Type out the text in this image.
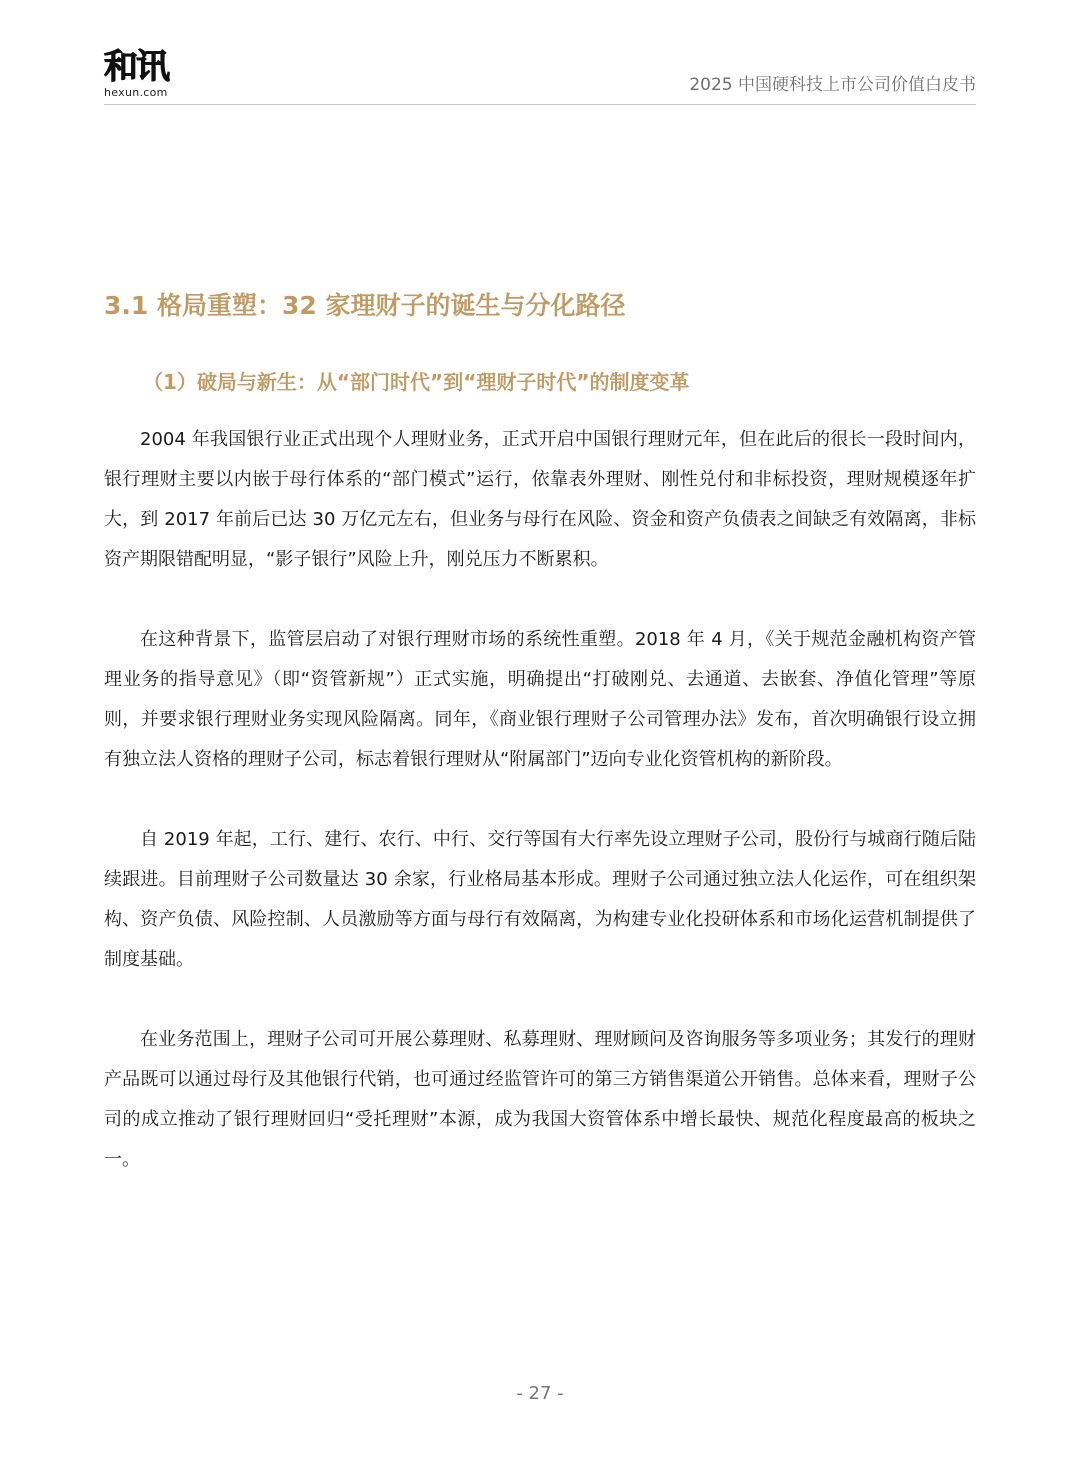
和讯
hexun.com	2025 中国硬科技上市公司价值白皮书
3.1 格局重塑：32 家理财子的诞生与分化路径
（1）破局与新生：从“部门时代”到“理财子时代”的制度变革

2004 年我国银行业正式出现个人理财业务，正式开启中国银行理财元年，但在此后的很长一段时间内，银行理财主要以内嵌于母行体系的“部门模式”运行，依靠表外理财、刚性兑付和非标投资，理财规模逐年扩大，到 2017 年前后已达 30 万亿元左右，但业务与母行在风险、资金和资产负债表之间缺乏有效隔离，非标资产期限错配明显，“影子银行”风险上升，刚兑压力不断累积。

在这种背景下，监管层启动了对银行理财市场的系统性重塑。2018 年 4 月，《关于规范金融机构资产管理业务的指导意见》（即“资管新规”）正式实施，明确提出“打破刚兑、去通道、去嵌套、净值化管理”等原则，并要求银行理财业务实现风险隔离。同年，《商业银行理财子公司管理办法》发布，首次明确银行设立拥有独立法人资格的理财子公司，标志着银行理财从“附属部门”迈向专业化资管机构的新阶段。

自 2019 年起，工行、建行、农行、中行、交行等国有大行率先设立理财子公司，股份行与城商行随后陆续跟进。目前理财子公司数量达 30 余家，行业格局基本形成。理财子公司通过独立法人化运作，可在组织架构、资产负债、风险控制、人员激励等方面与母行有效隔离，为构建专业化投研体系和市场化运营机制提供了制度基础。

在业务范围上，理财子公司可开展公募理财、私募理财、理财顾问及咨询服务等多项业务；其发行的理财产品既可以通过母行及其他银行代销，也可通过经监管许可的第三方销售渠道公开销售。总体来看，理财子公司的成立推动了银行理财回归“受托理财”本源，成为我国大资管体系中增长最快、规范化程度最高的板块之一。

- 27 -
